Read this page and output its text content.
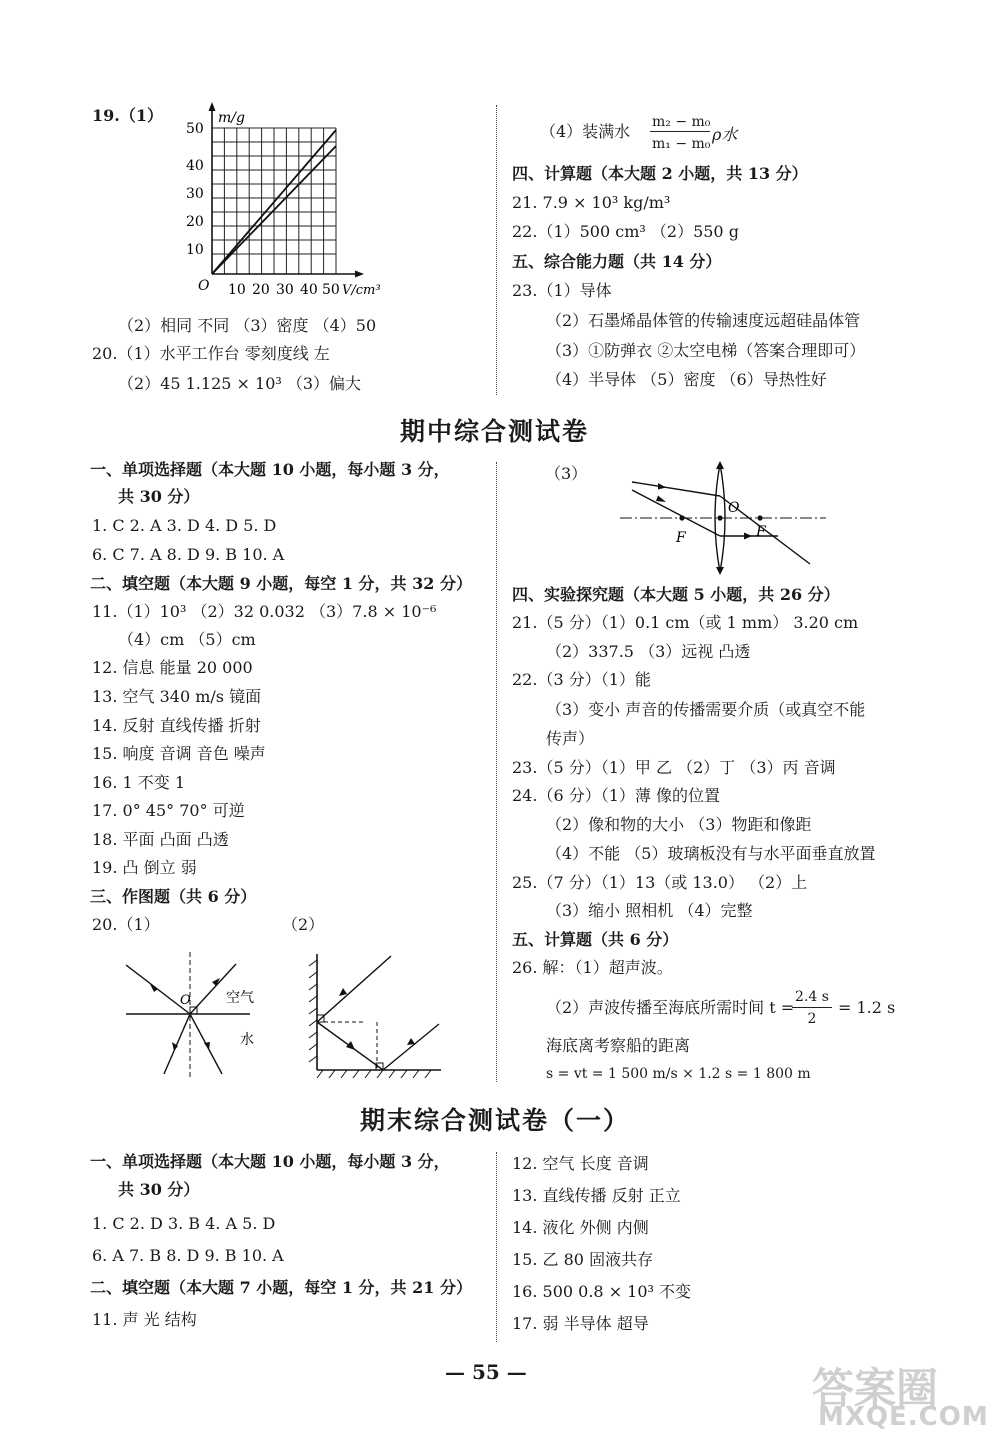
19.（1）	m/g
V/cm³
O
10
20
30
40
50
10 20 30 40 50
（2）相同 不同 （3）密度 （4）50
20.（1）水平工作台 零刻度线 左
（2）45 1.125 × 10³ （3）偏大
（4）装满水 m₂ − m₀
m₁ − m₀ ρ水
四、计算题（本大题 2 小题，共 13 分）
21. 7.9 × 10³ kg/m³
22.（1）500 cm³ （2）550 g
五、综合能力题（共 14 分）
23.（1）导体
（2）石墨烯晶体管的传输速度远超硅晶体管
（3）①防弹衣 ②太空电梯（答案合理即可）
（4）半导体 （5）密度 （6）导热性好
期中综合测试卷
一、单项选择题（本大题 10 小题，每小题 3 分，
共 30 分）
1. C 2. A 3. D 4. D 5. D
6. C 7. A 8. D 9. B 10. A
二、填空题（本大题 9 小题，每空 1 分，共 32 分）
11.（1）10³ （2）32 0.032 （3）7.8 × 10⁻⁶
（4）cm （5）cm
12. 信息 能量 20 000
13. 空气 340 m/s 镜面
14. 反射 直线传播 折射
15. 响度 音调 音色 噪声
16. 1 不变 1
17. 0° 45° 70° 可逆
18. 平面 凸面 凸透
19. 凸 倒立 弱
三、作图题（共 6 分）
20.（1）	（2）
O	空气
水
（3）
O
F	F
四、实验探究题（本大题 5 小题，共 26 分）
21.（5 分）（1）0.1 cm（或 1 mm） 3.20 cm
（2）337.5 （3）远视 凸透
22.（3 分）（1）能
（3）变小 声音的传播需要介质（或真空不能
传声）
23.（5 分）（1）甲 乙 （2）丁 （3）丙 音调
24.（6 分）（1）薄 像的位置
（2）像和物的大小 （3）物距和像距
（4）不能 （5）玻璃板没有与水平面垂直放置
25.（7 分）（1）13（或 13.0） （2）上
（3）缩小 照相机 （4）完整
五、计算题（共 6 分）
26. 解：（1）超声波。
（2）声波传播至海底所需时间 t =
2.4 s
2
= 1.2 s
海底离考察船的距离
s = vt = 1 500 m/s × 1.2 s = 1 800 m
期末综合测试卷（一）
一、单项选择题（本大题 10 小题，每小题 3 分，
共 30 分）
1. C 2. D 3. B 4. A 5. D
6. A 7. B 8. D 9. B 10. A
二、填空题（本大题 7 小题，每空 1 分，共 21 分）
11. 声 光 结构
12. 空气 长度 音调
13. 直线传播 反射 正立
14. 液化 外侧 内侧
15. 乙 80 固液共存
16. 500 0.8 × 10³ 不变
17. 弱 半导体 超导
— 55 —	答案圈
MXQE.COM
